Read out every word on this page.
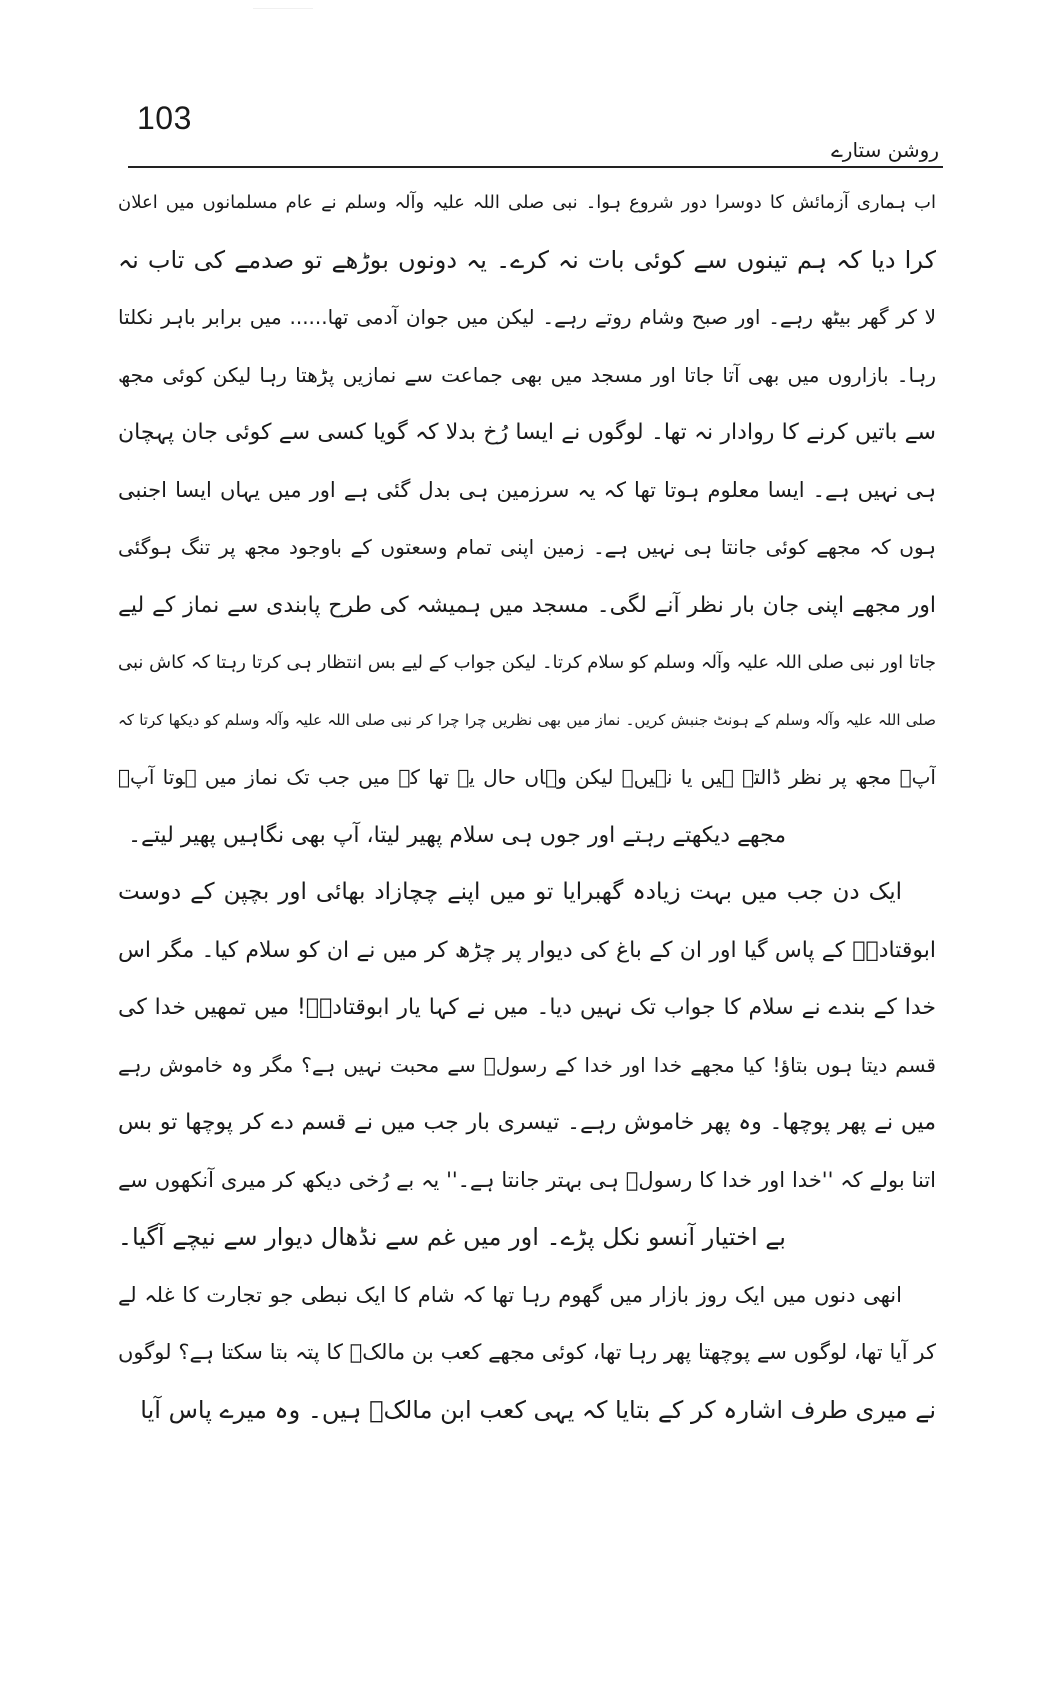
103
روشن ستارے
اب ہماری آزمائش کا دوسرا دور شروع ہوا۔ نبی صلی اللہ علیہ وآلہ وسلم نے عام مسلمانوں میں اعلان
کرا دیا کہ ہم تینوں سے کوئی بات نہ کرے۔ یہ دونوں بوڑھے تو صدمے کی تاب نہ
لا کر گھر بیٹھ رہے۔ اور صبح وشام روتے رہے۔ لیکن میں جوان آدمی تھا...... میں برابر باہر نکلتا
رہا۔ بازاروں میں بھی آتا جاتا اور مسجد میں بھی جماعت سے نمازیں پڑھتا رہا لیکن کوئی مجھ
سے باتیں کرنے کا روادار نہ تھا۔ لوگوں نے ایسا رُخ بدلا کہ گویا کسی سے کوئی جان پہچان
ہی نہیں ہے۔ ایسا معلوم ہوتا تھا کہ یہ سرزمین ہی بدل گئی ہے اور میں یہاں ایسا اجنبی
ہوں کہ مجھے کوئی جانتا ہی نہیں ہے۔ زمین اپنی تمام وسعتوں کے باوجود مجھ پر تنگ ہوگئی
اور مجھے اپنی جان بار نظر آنے لگی۔ مسجد میں ہمیشہ کی طرح پابندی سے نماز کے لیے
جاتا اور نبی صلی اللہ علیہ وآلہ وسلم کو سلام کرتا۔ لیکن جواب کے لیے بس انتظار ہی کرتا رہتا کہ کاش نبی
صلی اللہ علیہ وآلہ وسلم کے ہونٹ جنبش کریں۔ نماز میں بھی نظریں چرا چرا کر نبی صلی اللہ علیہ وآلہ وسلم کو دیکھا کرتا کہ
آپؐ مجھ پر نظر ڈالتے ہیں یا نہیں۔ لیکن وہاں حال یہ تھا کہ میں جب تک نماز میں ہوتا آپؐ
مجھے دیکھتے رہتے اور جوں ہی سلام پھیر لیتا، آپ بھی نگاہیں پھیر لیتے۔
ایک دن جب میں بہت زیادہ گھبرایا تو میں اپنے چچازاد بھائی اور بچپن کے دوست
ابوقتادہؓ کے پاس گیا اور ان کے باغ کی دیوار پر چڑھ کر میں نے ان کو سلام کیا۔ مگر اس
خدا کے بندے نے سلام کا جواب تک نہیں دیا۔ میں نے کہا یار ابوقتادہؓ! میں تمھیں خدا کی
قسم دیتا ہوں بتاؤ! کیا مجھے خدا اور خدا کے رسولؐ سے محبت نہیں ہے؟ مگر وہ خاموش رہے
میں نے پھر پوچھا۔ وہ پھر خاموش رہے۔ تیسری بار جب میں نے قسم دے کر پوچھا تو بس
اتنا بولے کہ ''خدا اور خدا کا رسولؐ ہی بہتر جانتا ہے۔'' یہ بے رُخی دیکھ کر میری آنکھوں سے
بے اختیار آنسو نکل پڑے۔ اور میں غم سے نڈھال دیوار سے نیچے آگیا۔
انھی دنوں میں ایک روز بازار میں گھوم رہا تھا کہ شام کا ایک نبطی جو تجارت کا غلہ لے
کر آیا تھا، لوگوں سے پوچھتا پھر رہا تھا، کوئی مجھے کعب بن مالکؓ کا پتہ بتا سکتا ہے؟ لوگوں
نے میری طرف اشارہ کر کے بتایا کہ یہی کعب ابن مالکؓ ہیں۔ وہ میرے پاس آیا
